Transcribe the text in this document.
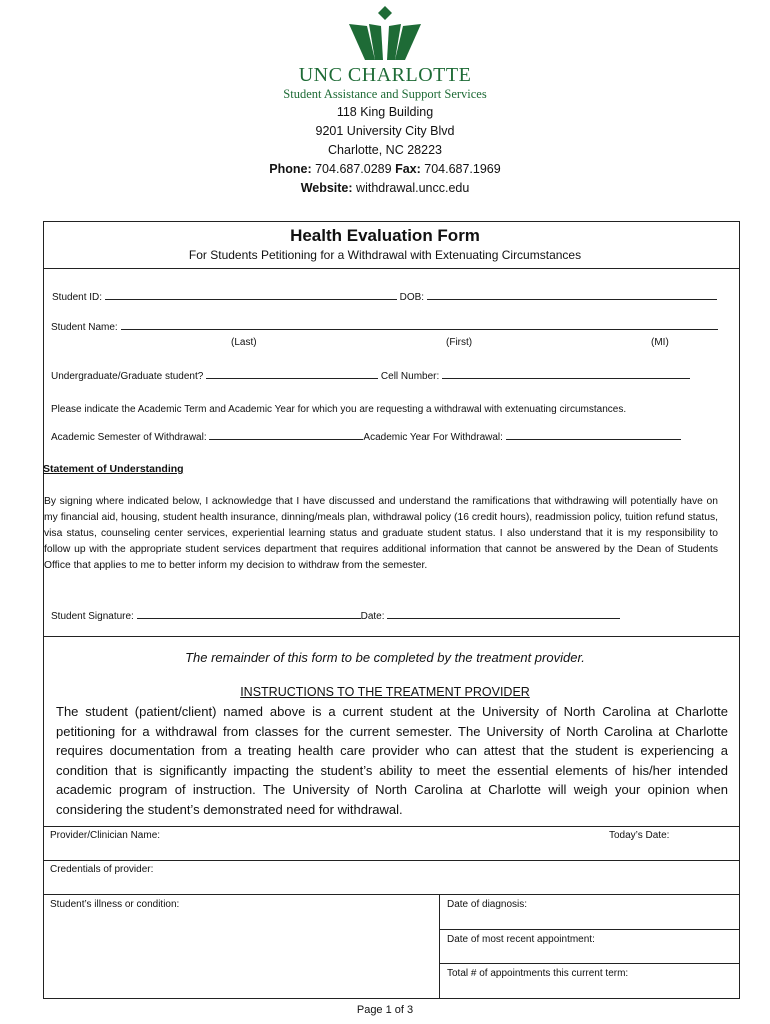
UNC CHARLOTTE
Student Assistance and Support Services
118 King Building
9201 University City Blvd
Charlotte, NC 28223
Phone: 704.687.0289 Fax: 704.687.1969
Website: withdrawal.uncc.edu
Health Evaluation Form
For Students Petitioning for a Withdrawal with Extenuating Circumstances
Student ID:	DOB:
Student Name:
(Last)	(First)	(MI)
Undergraduate/Graduate student?	Cell Number:
Please indicate the Academic Term and Academic Year for which you are requesting a withdrawal with extenuating circumstances.
Academic Semester of Withdrawal:	Academic Year For Withdrawal:
Statement of Understanding
By signing where indicated below, I acknowledge that I have discussed and understand the ramifications that withdrawing will potentially have on my financial aid, housing, student health insurance, dinning/meals plan, withdrawal policy (16 credit hours), readmission policy, tuition refund status, visa status, counseling center services, experiential learning status and graduate student status. I also understand that it is my responsibility to follow up with the appropriate student services department that requires additional information that cannot be answered by the Dean of Students Office that applies to me to better inform my decision to withdraw from the semester.
Student Signature:	Date:
The remainder of this form to be completed by the treatment provider.
INSTRUCTIONS TO THE TREATMENT PROVIDER
The student (patient/client) named above is a current student at the University of North Carolina at Charlotte petitioning for a withdrawal from classes for the current semester. The University of North Carolina at Charlotte requires documentation from a treating health care provider who can attest that the student is experiencing a condition that is significantly impacting the student’s ability to meet the essential elements of his/her intended academic program of instruction. The University of North Carolina at Charlotte will weigh your opinion when considering the student’s demonstrated need for withdrawal.
Provider/Clinician Name:	Today’s Date:
Credentials of provider:
Student’s illness or condition:	Date of diagnosis:
Date of most recent appointment:
Total # of appointments this current term:
Page 1 of 3
